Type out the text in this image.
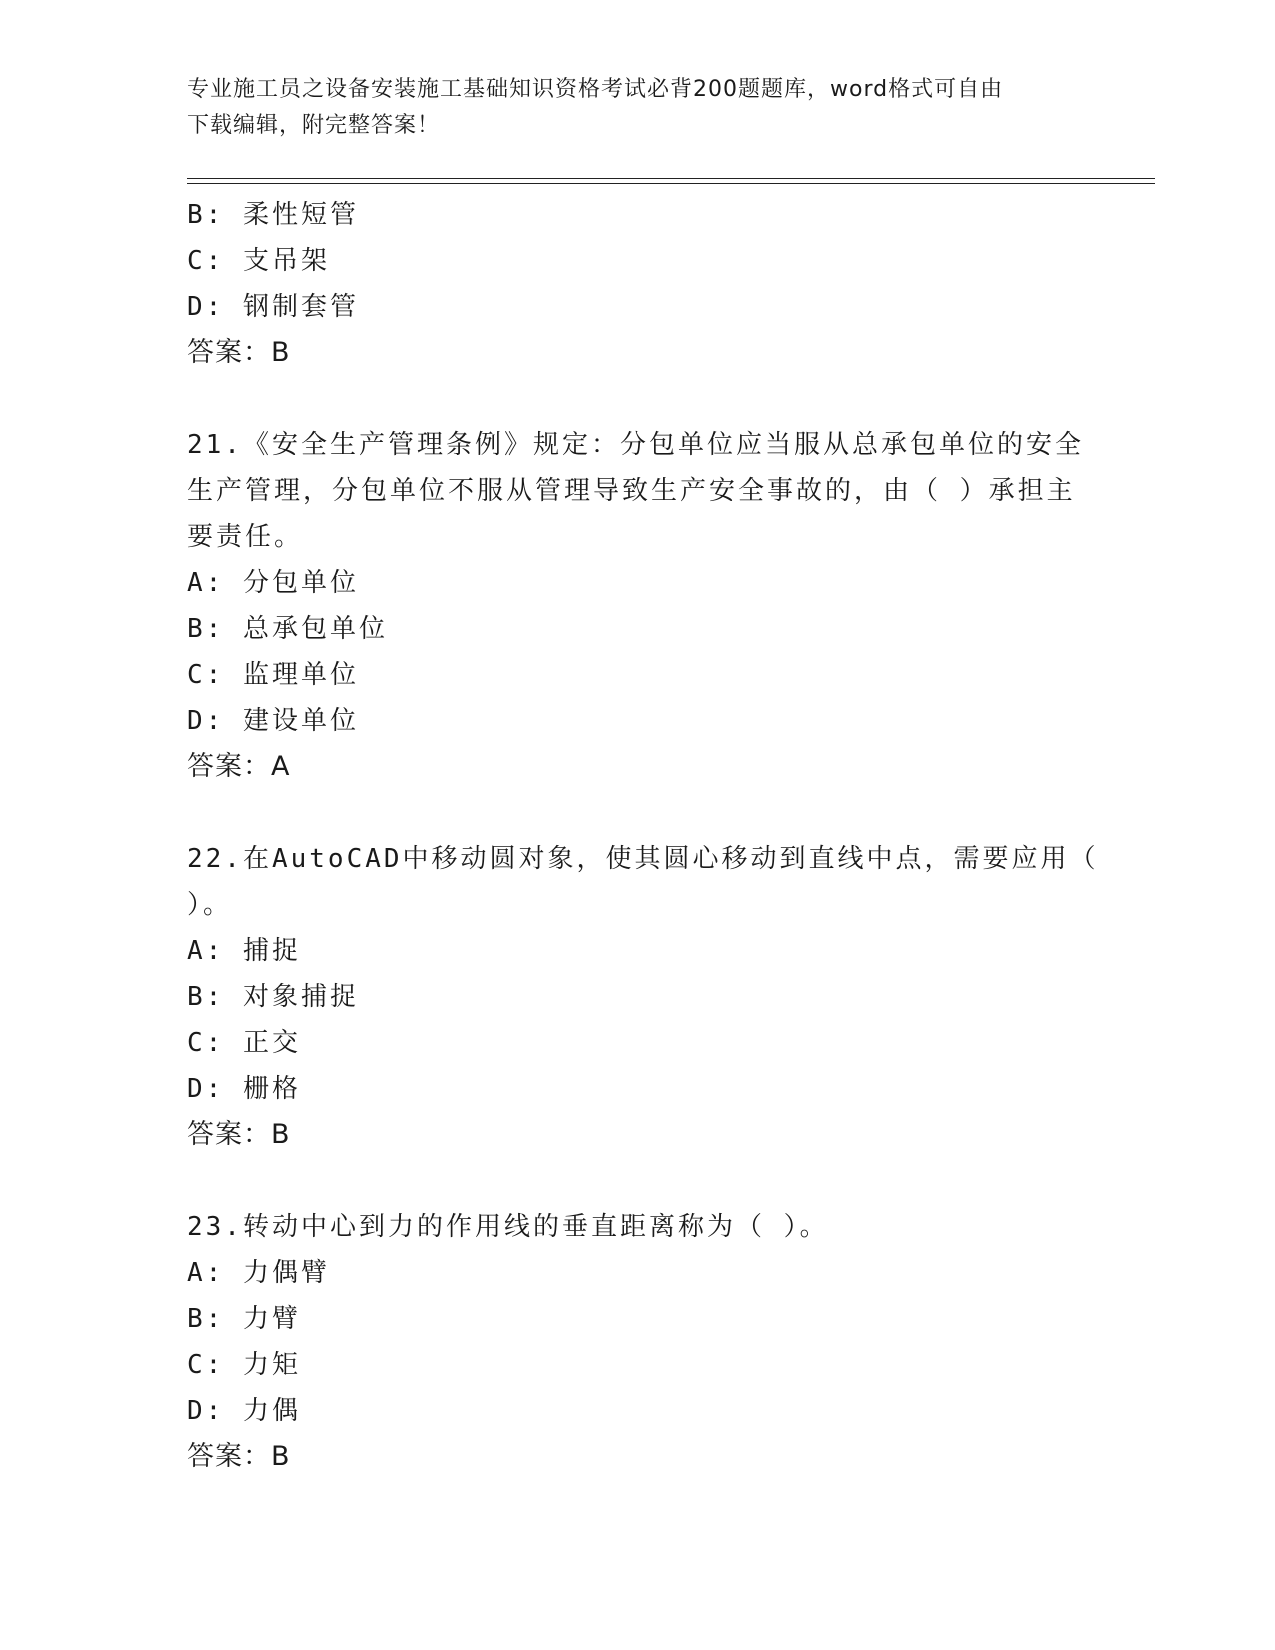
专业施工员之设备安装施工基础知识资格考试必背200题题库，word格式可自由
下载编辑，附完整答案！
B: 柔性短管
C: 支吊架
D: 钢制套管
答案：B
21.《安全生产管理条例》规定：分包单位应当服从总承包单位的安全
生产管理，分包单位不服从管理导致生产安全事故的，由（ ）承担主
要责任。
A: 分包单位
B: 总承包单位
C: 监理单位
D: 建设单位
答案：A
22.在AutoCAD中移动圆对象，使其圆心移动到直线中点，需要应用（
）。
A: 捕捉
B: 对象捕捉
C: 正交
D: 栅格
答案：B
23.转动中心到力的作用线的垂直距离称为（ ）。
A: 力偶臂
B: 力臂
C: 力矩
D: 力偶
答案：B
